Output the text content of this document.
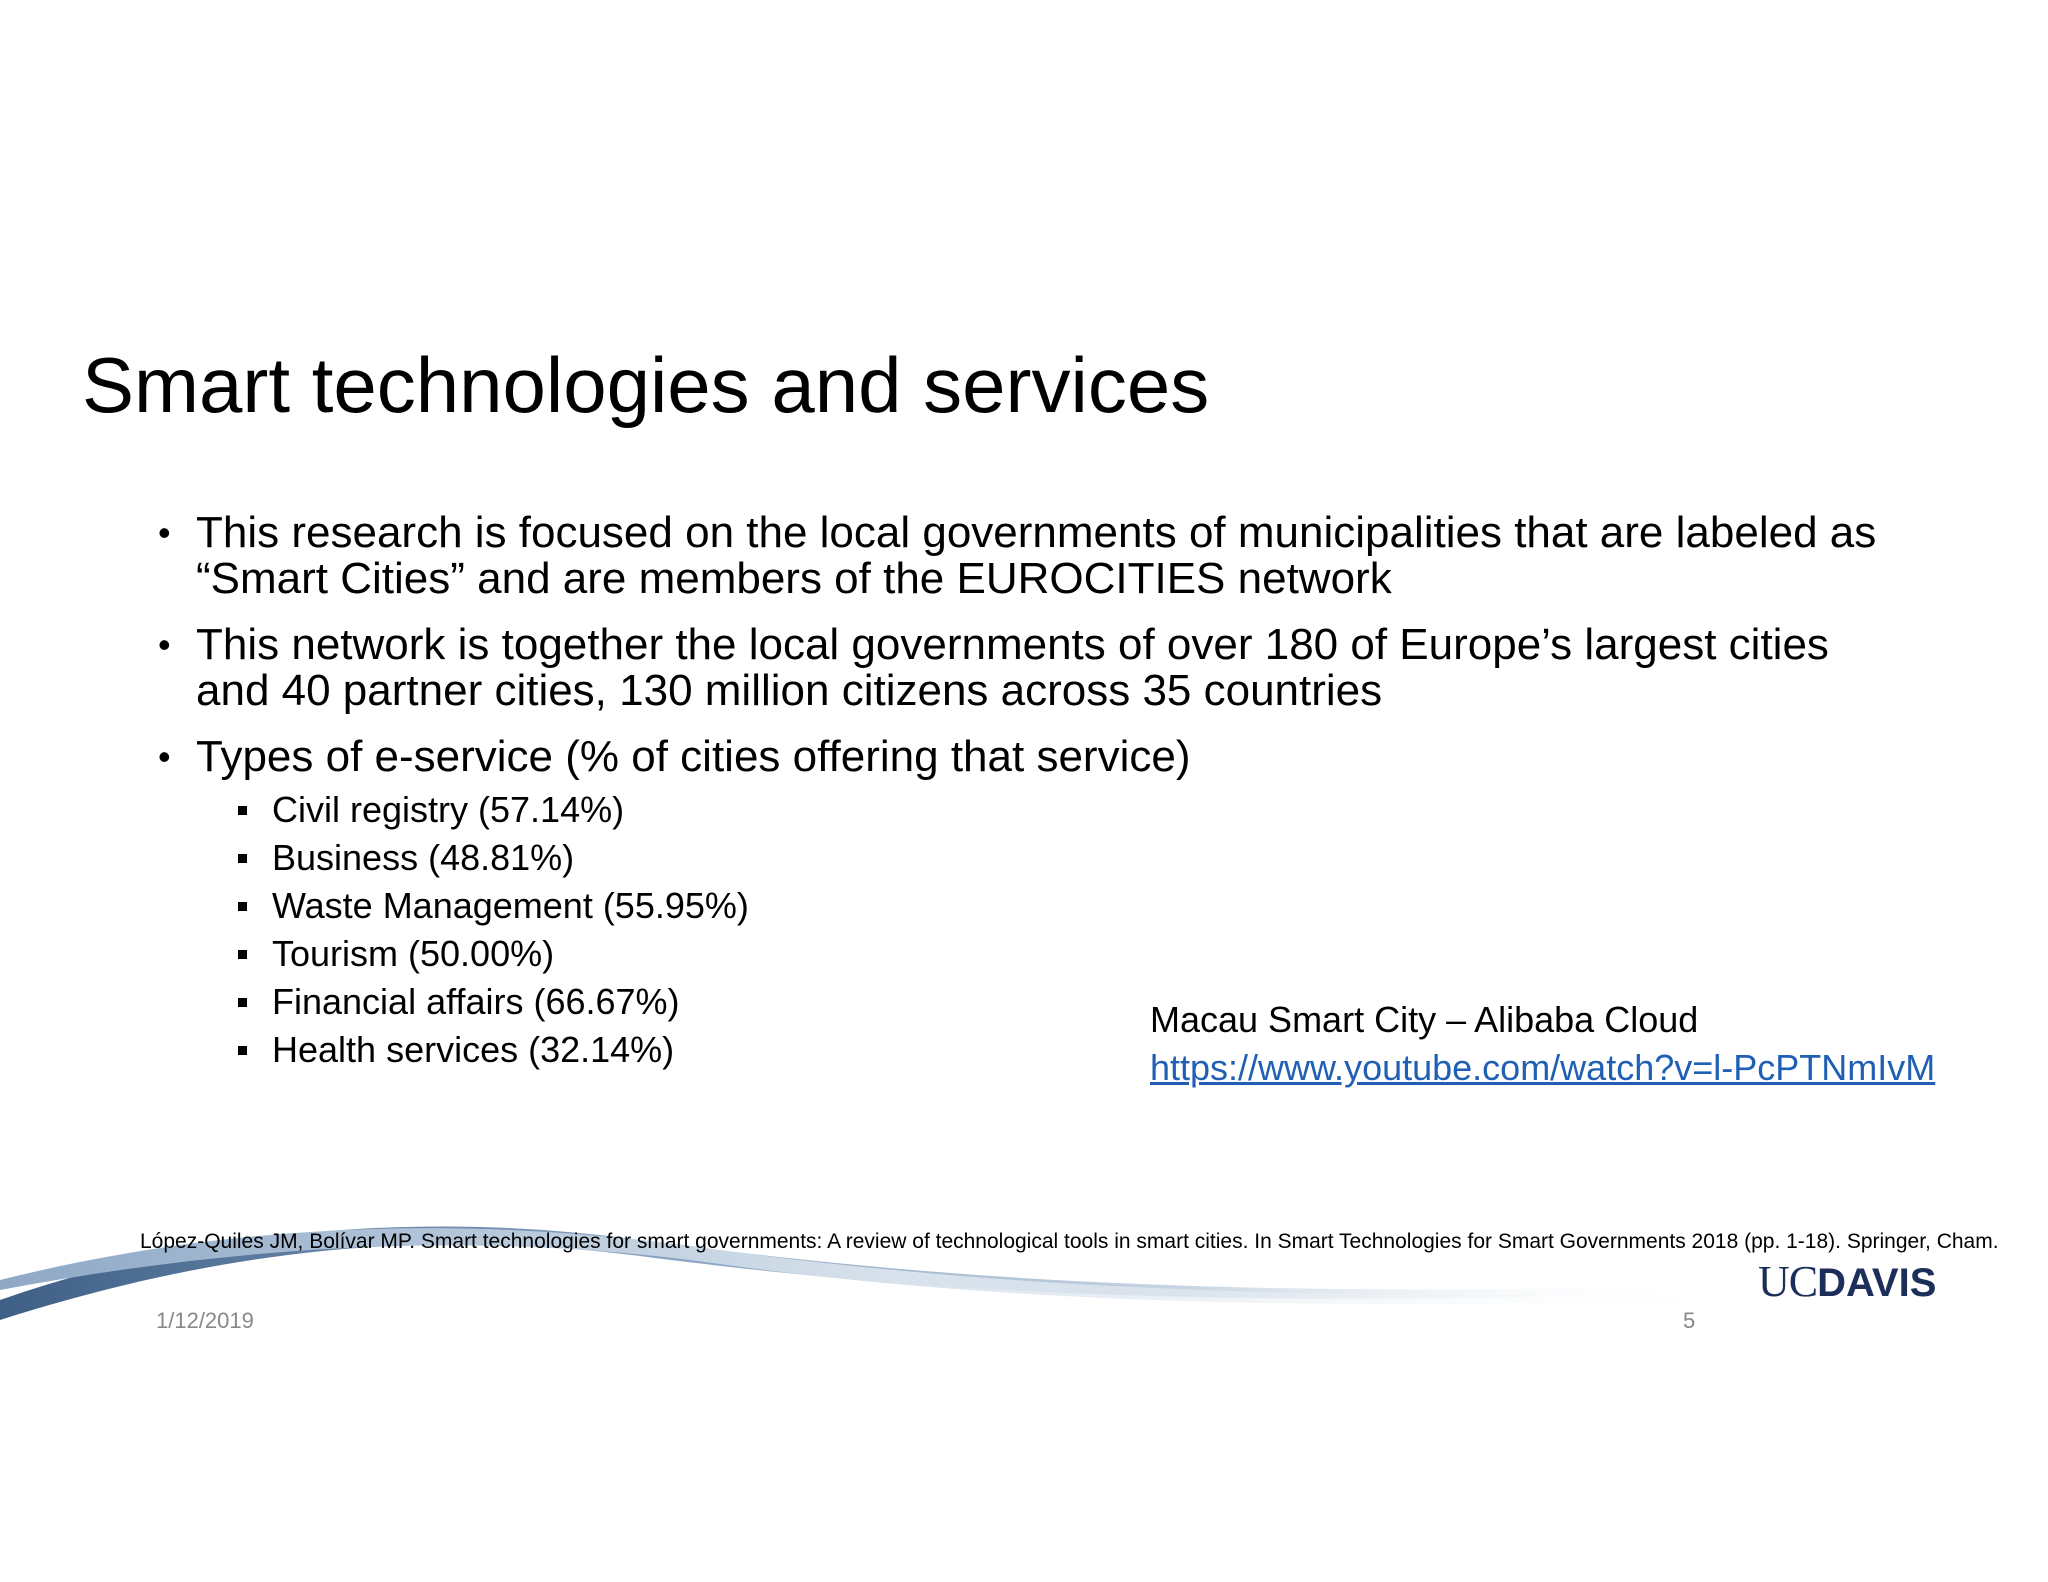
Smart technologies and services
• This research is focused on the local governments of municipalities that are labeled as “Smart Cities” and are members of the EUROCITIES network
• This network is together the local governments of over 180 of Europe’s largest cities and 40 partner cities, 130 million citizens across 35 countries
• Types of e-service (% of cities offering that service)
Civil registry (57.14%)
Business (48.81%)
Waste Management (55.95%)
Tourism (50.00%)
Financial affairs (66.67%)
Health services (32.14%)
Macau Smart City – Alibaba Cloud
https://www.youtube.com/watch?v=l-PcPTNmIvM
López-Quiles JM, Bolívar MP. Smart technologies for smart governments: A review of technological tools in smart cities. In Smart Technologies for Smart Governments 2018 (pp. 1-18). Springer, Cham.
UCDAVIS
1/12/2019	5
